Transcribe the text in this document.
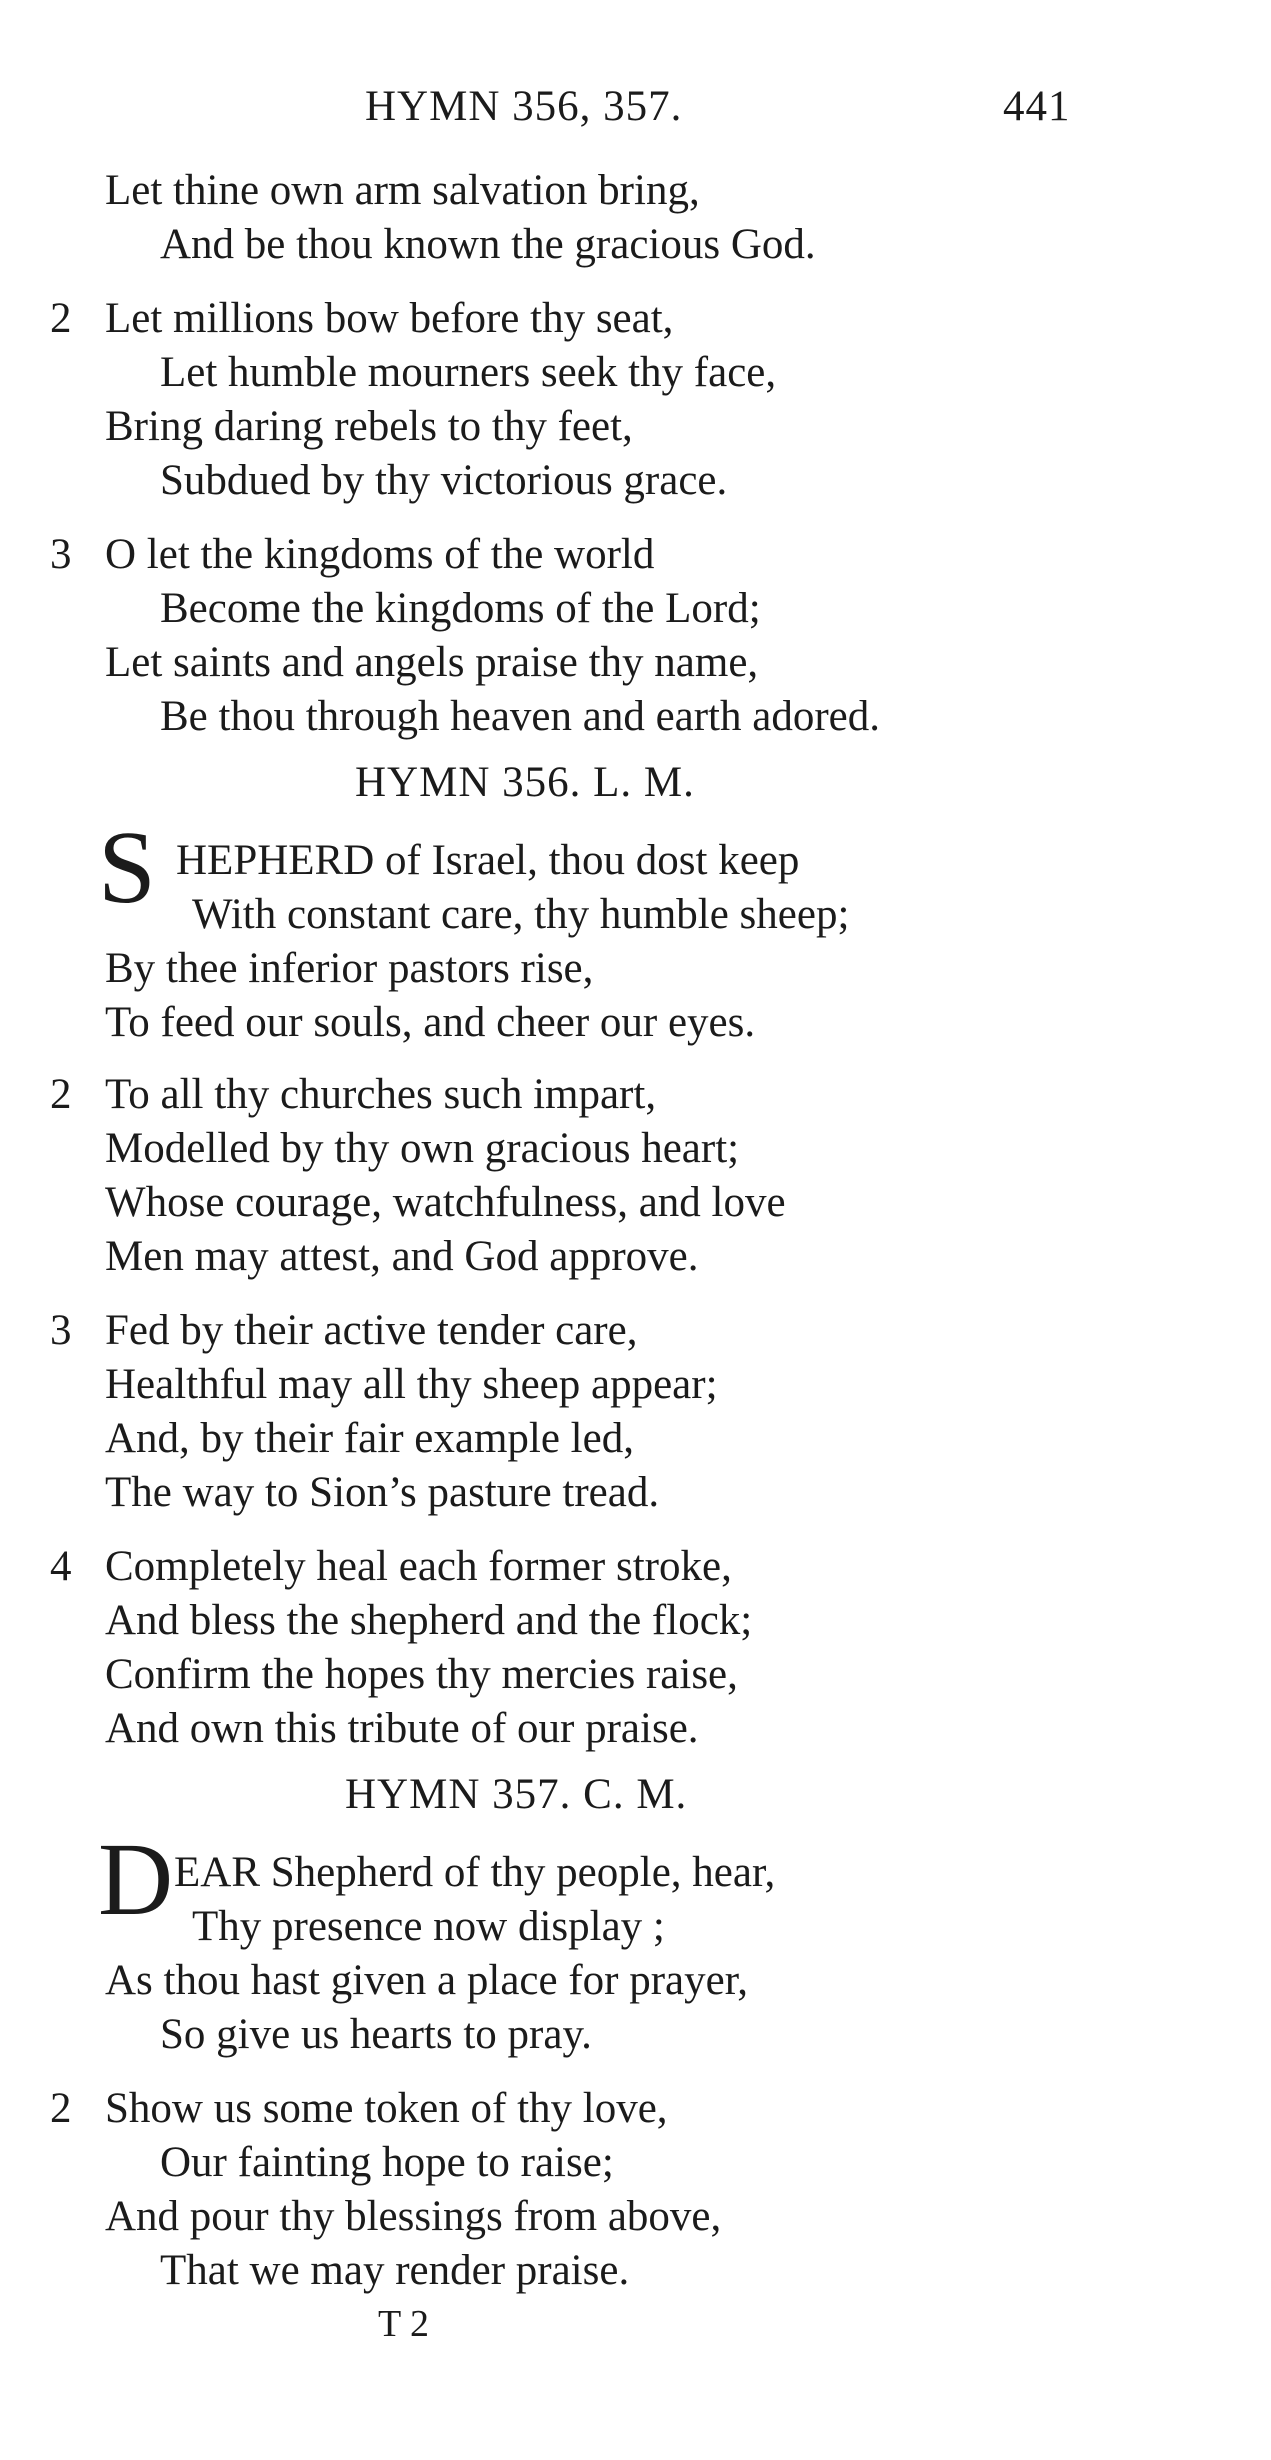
HYMN 356, 357.	441
Let thine own arm salvation bring,
And be thou known the gracious God.
2 Let millions bow before thy seat,
Let humble mourners seek thy face,
Bring daring rebels to thy feet,
Subdued by thy victorious grace.
3 O let the kingdoms of the world
Become the kingdoms of the Lord;
Let saints and angels praise thy name,
Be thou through heaven and earth adored.
HYMN 356. L. M.
S HEPHERD of Israel, thou dost keep
With constant care, thy humble sheep;
By thee inferior pastors rise,
To feed our souls, and cheer our eyes.
2 To all thy churches such impart,
Modelled by thy own gracious heart;
Whose courage, watchfulness, and love
Men may attest, and God approve.
3 Fed by their active tender care,
Healthful may all thy sheep appear;
And, by their fair example led,
The way to Sion’s pasture tread.
4 Completely heal each former stroke,
And bless the shepherd and the flock;
Confirm the hopes thy mercies raise,
And own this tribute of our praise.
HYMN 357. C. M.
D EAR Shepherd of thy people, hear,
Thy presence now display ;
As thou hast given a place for prayer,
So give us hearts to pray.
2 Show us some token of thy love,
Our fainting hope to raise;
And pour thy blessings from above,
That we may render praise.
T 2
